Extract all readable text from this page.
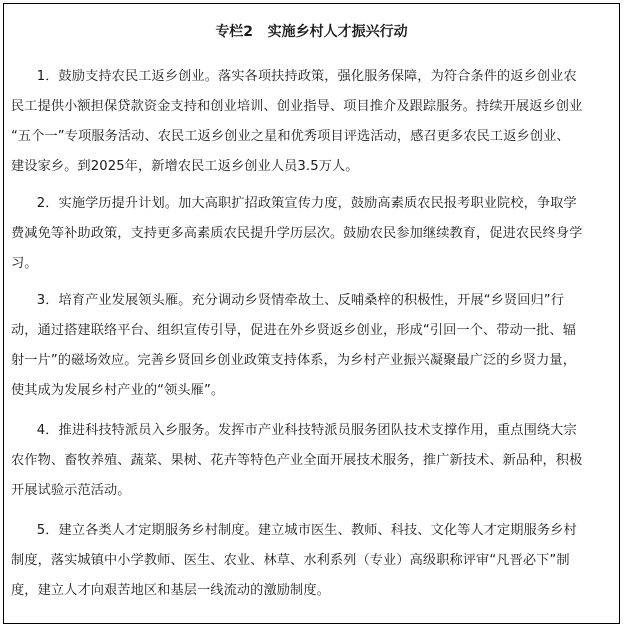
专栏2   实施乡村人才振兴行动

1．鼓励支持农民工返乡创业。落实各项扶持政策，强化服务保障，为符合条件的返乡创业农
民工提供小额担保贷款资金支持和创业培训、创业指导、项目推介及跟踪服务。持续开展返乡创业
“五个一”专项服务活动、农民工返乡创业之星和优秀项目评选活动，感召更多农民工返乡创业、
建设家乡。到2025年，新增农民工返乡创业人员3.5万人。

2．实施学历提升计划。加大高职扩招政策宣传力度，鼓励高素质农民报考职业院校，争取学
费减免等补助政策，支持更多高素质农民提升学历层次。鼓励农民参加继续教育，促进农民终身学
习。

3．培育产业发展领头雁。充分调动乡贤情牵故土、反哺桑梓的积极性，开展“乡贤回归”行
动，通过搭建联络平台、组织宣传引导，促进在外乡贤返乡创业，形成“引回一个、带动一批、辐
射一片”的磁场效应。完善乡贤回乡创业政策支持体系，为乡村产业振兴凝聚最广泛的乡贤力量，
使其成为发展乡村产业的“领头雁”。

4．推进科技特派员入乡服务。发挥市产业科技特派员服务团队技术支撑作用，重点围绕大宗
农作物、畜牧养殖、蔬菜、果树、花卉等特色产业全面开展技术服务，推广新技术、新品种，积极
开展试验示范活动。

5．建立各类人才定期服务乡村制度。建立城市医生、教师、科技、文化等人才定期服务乡村
制度，落实城镇中小学教师、医生、农业、林草、水利系列（专业）高级职称评审“凡晋必下”制
度，建立人才向艰苦地区和基层一线流动的激励制度。
